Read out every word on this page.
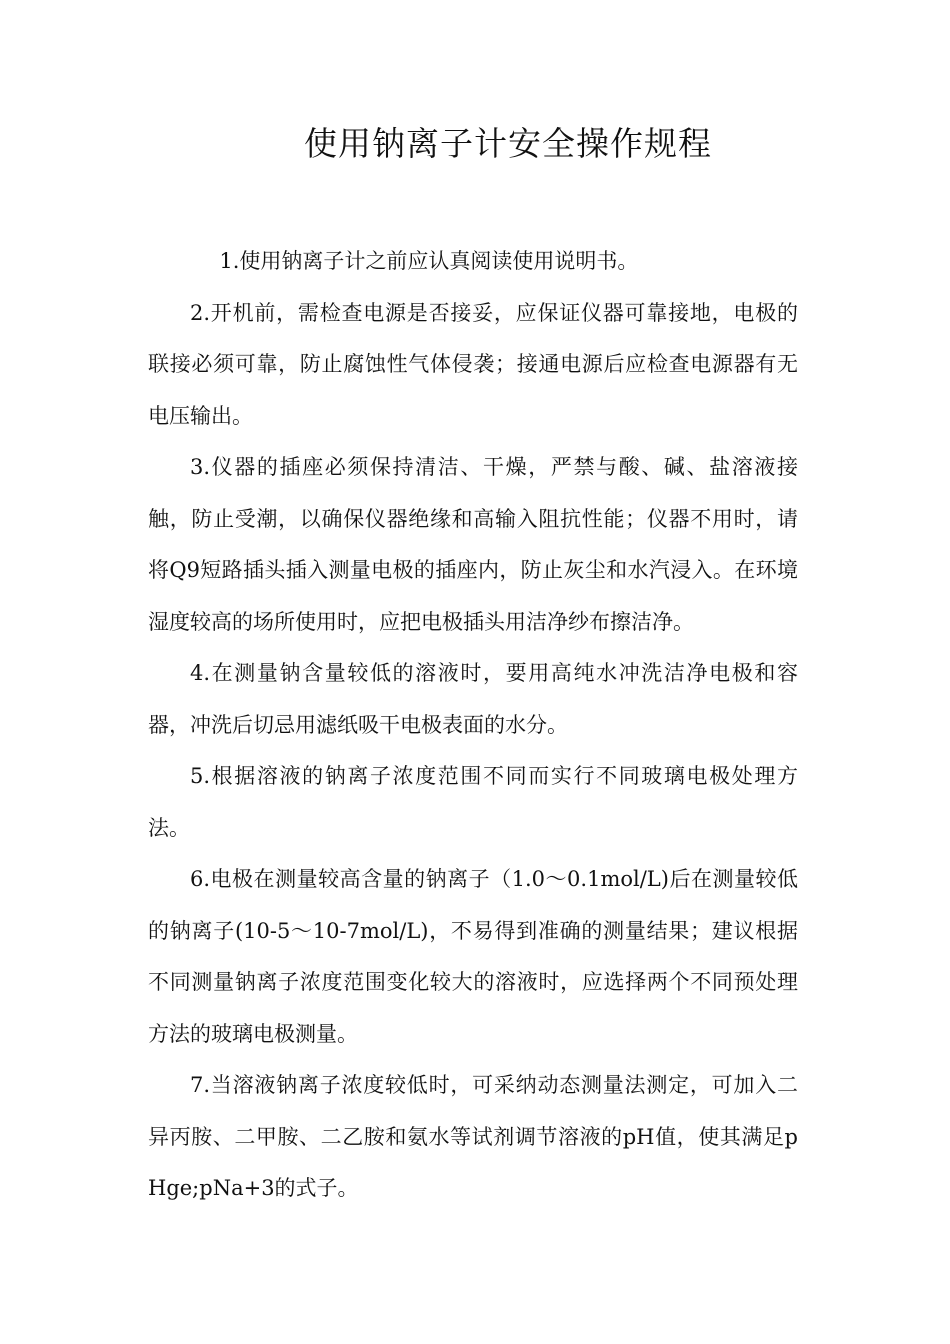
使用钠离子计安全操作规程

1.使用钠离子计之前应认真阅读使用说明书。

2.开机前，需检查电源是否接妥，应保证仪器可靠接地，电极的联接必须可靠，防止腐蚀性气体侵袭；接通电源后应检查电源器有无电压输出。

3.仪器的插座必须保持清洁、干燥，严禁与酸、碱、盐溶液接触，防止受潮，以确保仪器绝缘和高输入阻抗性能；仪器不用时，请将Q9短路插头插入测量电极的插座内，防止灰尘和水汽浸入。在环境湿度较高的场所使用时，应把电极插头用洁净纱布擦洁净。

4.在测量钠含量较低的溶液时，要用高纯水冲洗洁净电极和容器，冲洗后切忌用滤纸吸干电极表面的水分。

5.根据溶液的钠离子浓度范围不同而实行不同玻璃电极处理方法。

6.电极在测量较高含量的钠离子（1.0～0.1mol/L)后在测量较低的钠离子(10-5～10-7mol/L)，不易得到准确的测量结果；建议根据不同测量钠离子浓度范围变化较大的溶液时，应选择两个不同预处理方法的玻璃电极测量。

7.当溶液钠离子浓度较低时，可采纳动态测量法测定，可加入二异丙胺、二甲胺、二乙胺和氨水等试剂调节溶液的pH值，使其满足pHge;pNa+3的式子。
